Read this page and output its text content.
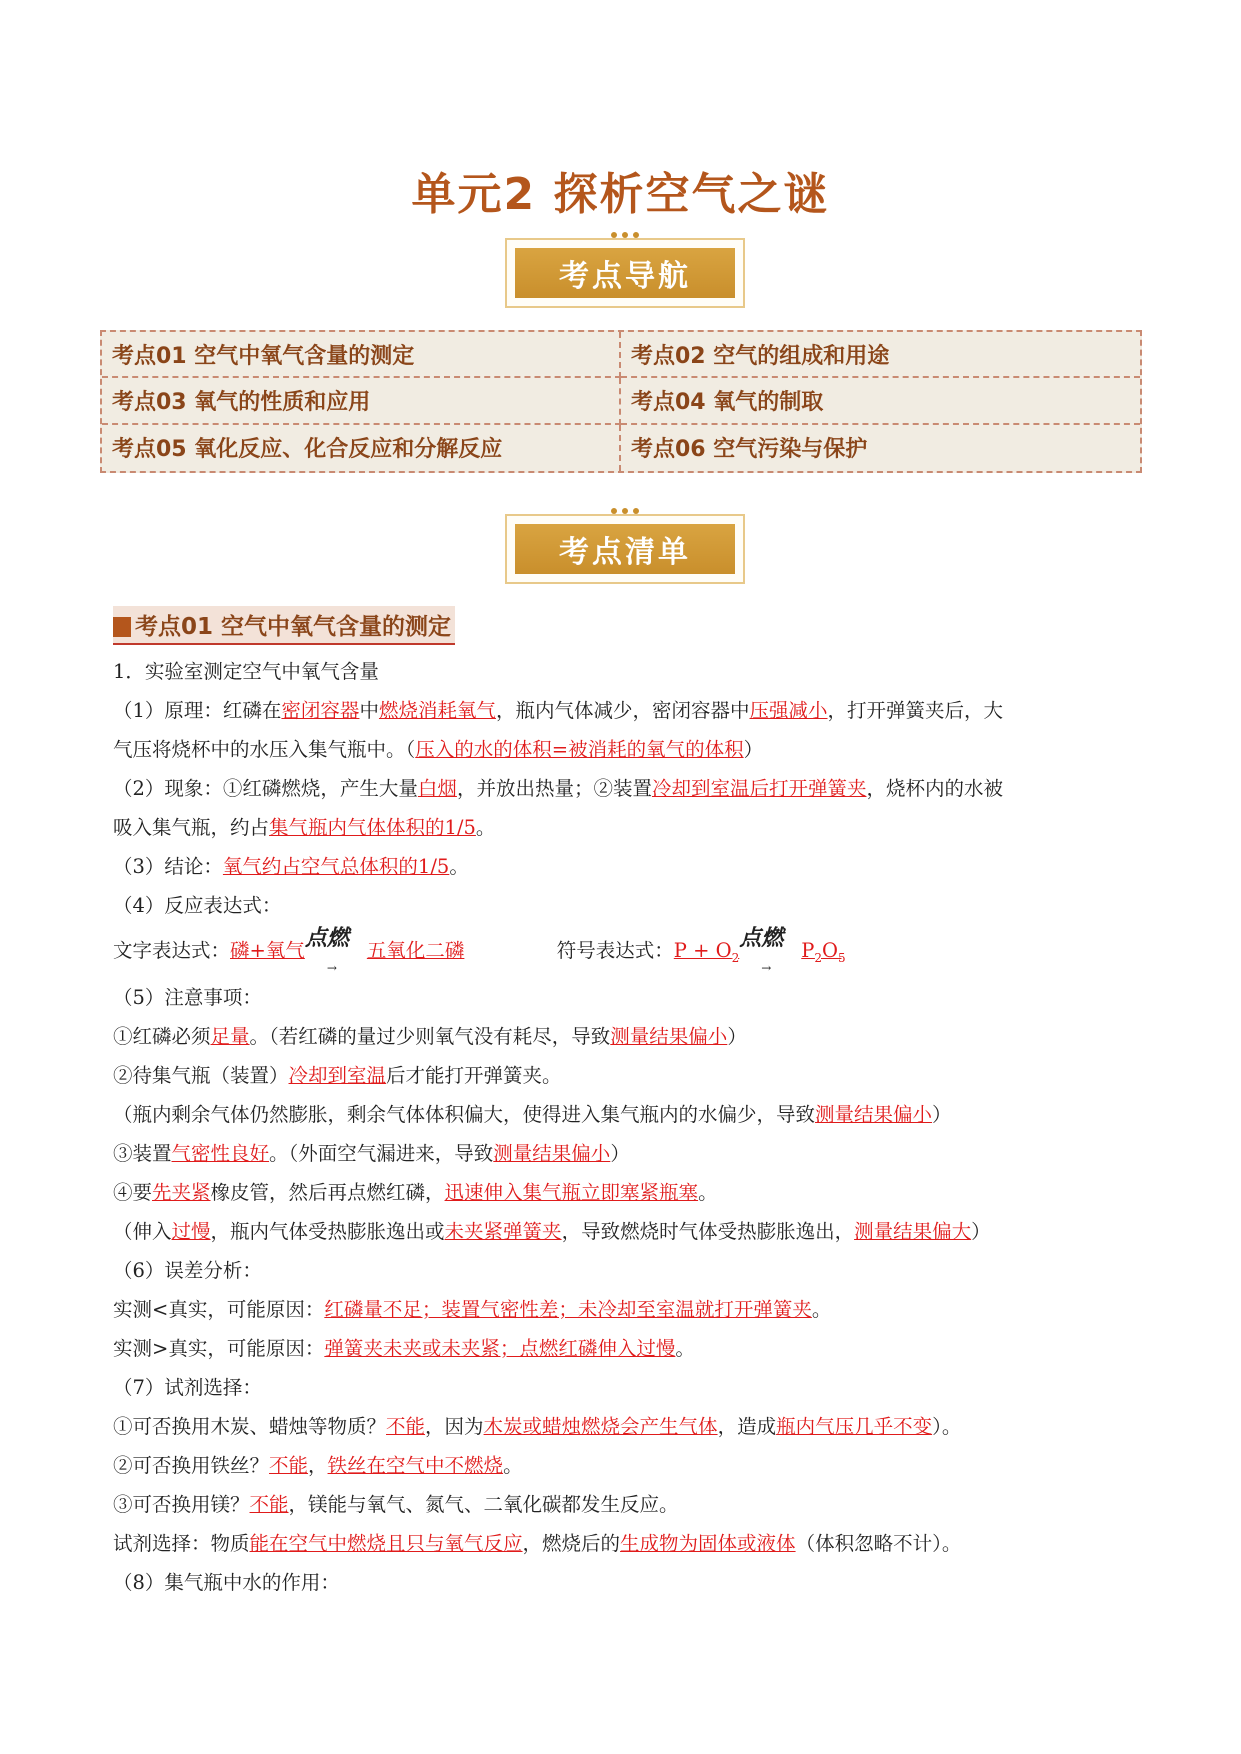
单元2 探析空气之谜
考点导航
考点01 空气中氧气含量的测定	考点02 空气的组成和用途
考点03 氧气的性质和应用	考点04 氧气的制取
考点05 氧化反应、化合反应和分解反应	考点06 空气污染与保护
考点清单
考点01 空气中氧气含量的测定

1．实验室测定空气中氧气含量

（1）原理：红磷在密闭容器中燃烧消耗氧气，瓶内气体减少，密闭容器中压强减小，打开弹簧夹后，大

气压将烧杯中的水压入集气瓶中。（压入的水的体积=被消耗的氧气的体积）

（2）现象：①红磷燃烧，产生大量白烟，并放出热量；②装置冷却到室温后打开弹簧夹，烧杯内的水被

吸入集气瓶，约占集气瓶内气体体积的1/5。

（3）结论：氧气约占空气总体积的1/5。

（4）反应表达式：

文字表达式：磷+氧气 点燃
→
五氧化二磷	符号表达式：$P + O_2$
点燃
→
$P_2O_5$

（5）注意事项：

①红磷必须足量。（若红磷的量过少则氧气没有耗尽，导致测量结果偏小）

②待集气瓶（装置）冷却到室温后才能打开弹簧夹。

（瓶内剩余气体仍然膨胀，剩余气体体积偏大，使得进入集气瓶内的水偏少，导致测量结果偏小）

③装置气密性良好。（外面空气漏进来，导致测量结果偏小）

④要先夹紧橡皮管，然后再点燃红磷，迅速伸入集气瓶立即塞紧瓶塞。

（伸入过慢，瓶内气体受热膨胀逸出或未夹紧弹簧夹，导致燃烧时气体受热膨胀逸出，测量结果偏大）

（6）误差分析：

实测<真实，可能原因：红磷量不足；装置气密性差；未冷却至室温就打开弹簧夹。

实测>真实，可能原因：弹簧夹未夹或未夹紧；点燃红磷伸入过慢。

（7）试剂选择：

①可否换用木炭、蜡烛等物质？不能，因为木炭或蜡烛燃烧会产生气体，造成瓶内气压几乎不变）。

②可否换用铁丝？不能，铁丝在空气中不燃烧。

③可否换用镁？不能，镁能与氧气、氮气、二氧化碳都发生反应。

试剂选择：物质能在空气中燃烧且只与氧气反应，燃烧后的生成物为固体或液体（体积忽略不计）。

（8）集气瓶中水的作用：
